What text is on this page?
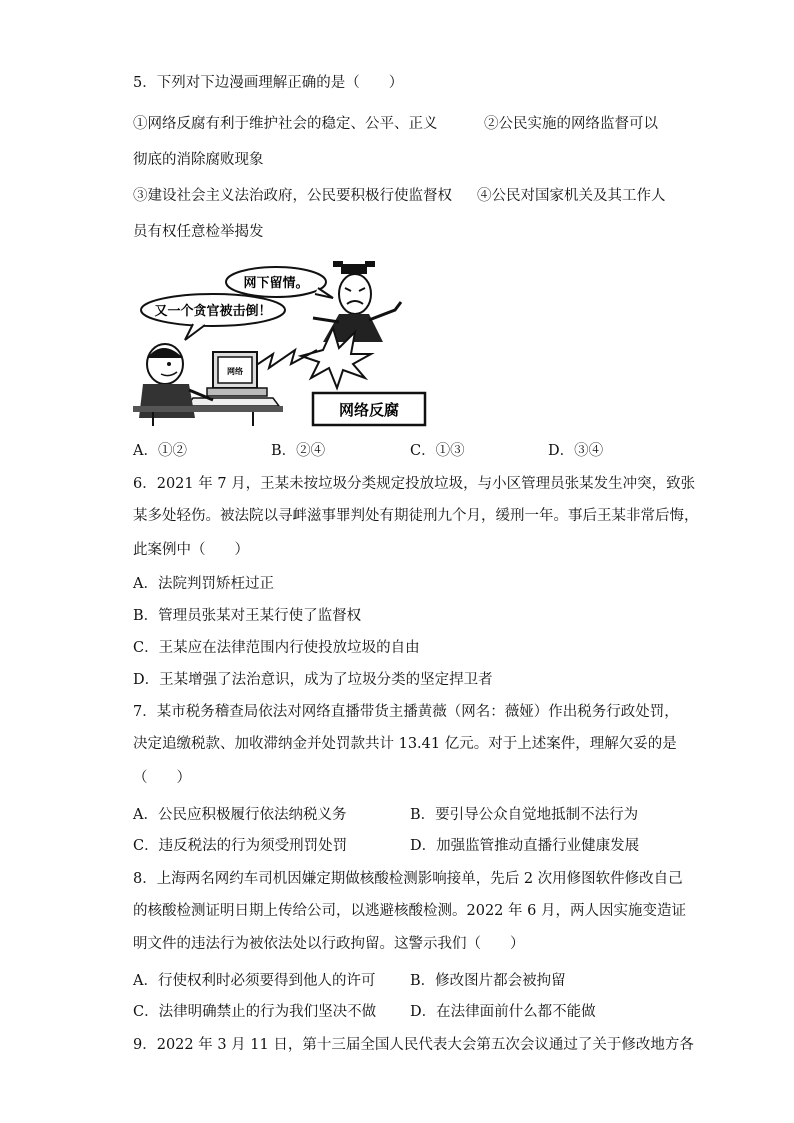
5．下列对下边漫画理解正确的是（　　）
①网络反腐有利于维护社会的稳定、公平、正义	②公民实施的网络监督可以
彻底的消除腐败现象
③建设社会主义法治政府，公民要积极行使监督权 ④公民对国家机关及其工作人
员有权任意检举揭发
又一个贪官被击倒！
网下留情。
网络
网络反腐
A．①②	B．②④	C．①③	D．③④
6．2021 年 7 月，王某未按垃圾分类规定投放垃圾，与小区管理员张某发生冲突，致张
某多处轻伤。被法院以寻衅滋事罪判处有期徒刑九个月，缓刑一年。事后王某非常后悔，
此案例中（　　）
A．法院判罚矫枉过正
B．管理员张某对王某行使了监督权
C．王某应在法律范围内行使投放垃圾的自由
D．王某增强了法治意识，成为了垃圾分类的坚定捍卫者
7．某市税务稽查局依法对网络直播带货主播黄薇（网名：薇娅）作出税务行政处罚，
决定追缴税款、加收滞纳金并处罚款共计 13.41 亿元。对于上述案件，理解欠妥的是
（　　）
A．公民应积极履行依法纳税义务	B．要引导公众自觉地抵制不法行为
C．违反税法的行为须受刑罚处罚	D．加强监管推动直播行业健康发展
8．上海两名网约车司机因嫌定期做核酸检测影响接单，先后 2 次用修图软件修改自己
的核酸检测证明日期上传给公司，以逃避核酸检测。2022 年 6 月，两人因实施变造证
明文件的违法行为被依法处以行政拘留。这警示我们（　　）
A．行使权利时必须要得到他人的许可 B．修改图片都会被拘留
C．法律明确禁止的行为我们坚决不做 D．在法律面前什么都不能做
9．2022 年 3 月 11 日，第十三届全国人民代表大会第五次会议通过了关于修改地方各
